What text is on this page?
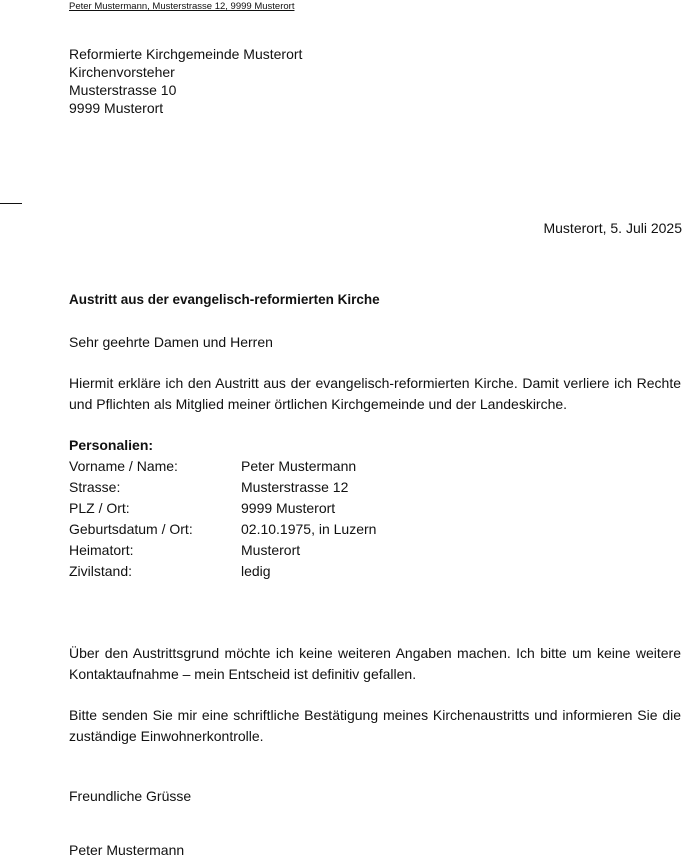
Peter Mustermann, Musterstrasse 12, 9999 Musterort
Reformierte Kirchgemeinde Musterort
Kirchenvorsteher
Musterstrasse 10
9999 Musterort
Musterort, 5. Juli 2025
Austritt aus der evangelisch-reformierten Kirche
Sehr geehrte Damen und Herren
Hiermit erkläre ich den Austritt aus der evangelisch-reformierten Kirche. Damit verliere ich Rechte und Pflichten als Mitglied meiner örtlichen Kirchgemeinde und der Landeskirche.
Personalien:
Vorname / Name:	Peter Mustermann
Strasse:	Musterstrasse 12
PLZ / Ort:	9999 Musterort
Geburtsdatum / Ort:	02.10.1975, in Luzern
Heimatort:	Musterort
Zivilstand:	ledig
Über den Austrittsgrund möchte ich keine weiteren Angaben machen. Ich bitte um keine weitere Kontaktaufnahme – mein Entscheid ist definitiv gefallen.
Bitte senden Sie mir eine schriftliche Bestätigung meines Kirchenaustritts und informieren Sie die zuständige Einwohnerkontrolle.
Freundliche Grüsse
Peter Mustermann
